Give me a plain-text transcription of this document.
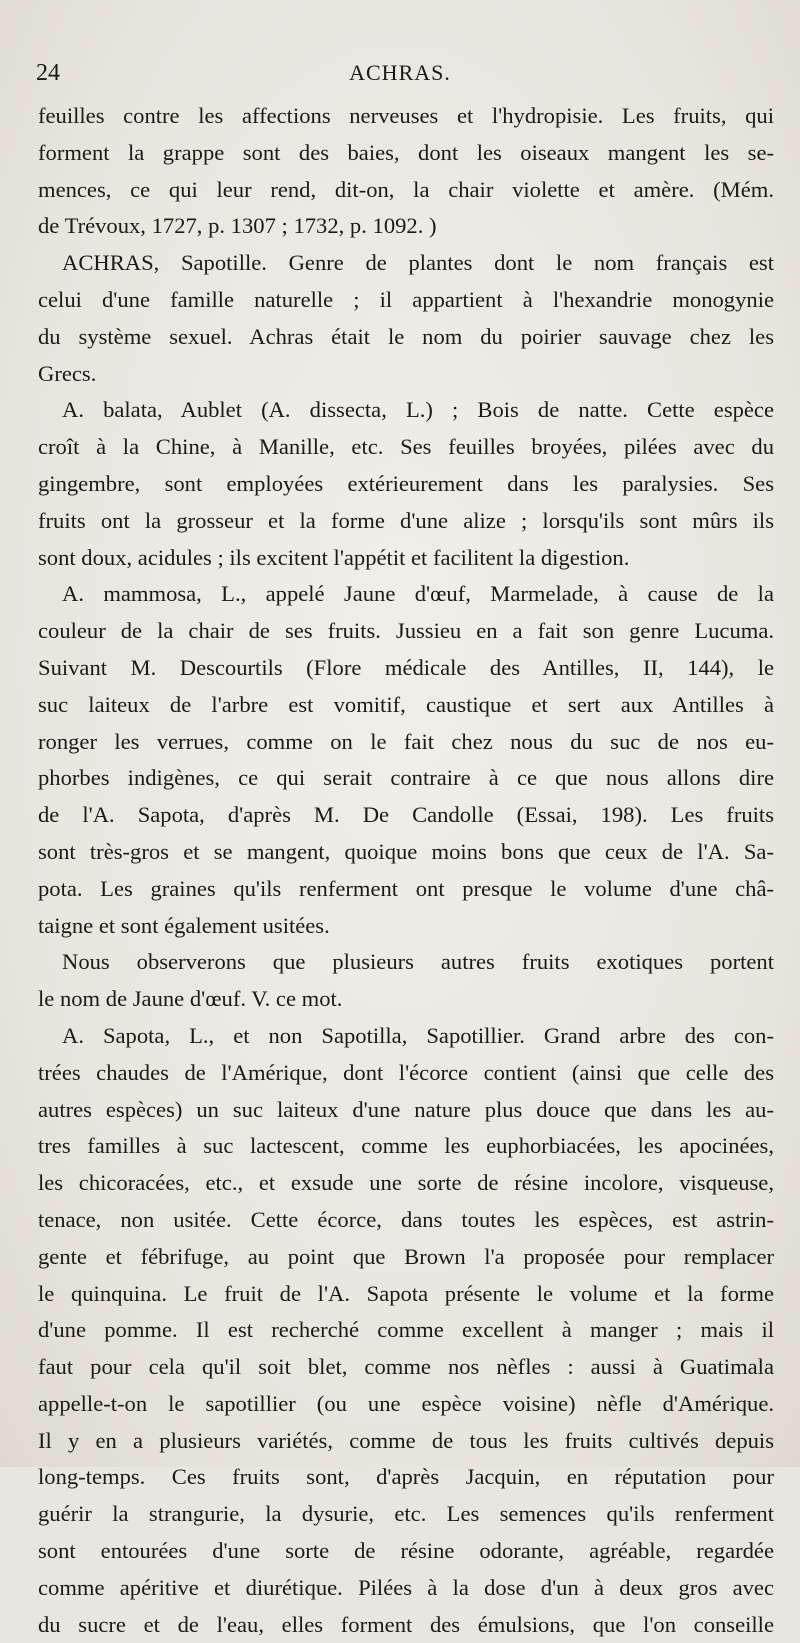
24	ACHRAS.
feuilles contre les affections nerveuses et l'hydropisie. Les fruits, qui
forment la grappe sont des baies, dont les oiseaux mangent les se-
mences, ce qui leur rend, dit-on, la chair violette et amère. (Mém.
de Trévoux, 1727, p. 1307 ; 1732, p. 1092. )
ACHRAS, Sapotille. Genre de plantes dont le nom français est
celui d'une famille naturelle ; il appartient à l'hexandrie monogynie
du système sexuel. Achras était le nom du poirier sauvage chez les
Grecs.
A. balata, Aublet (A. dissecta, L.) ; Bois de natte. Cette espèce
croît à la Chine, à Manille, etc. Ses feuilles broyées, pilées avec du
gingembre, sont employées extérieurement dans les paralysies. Ses
fruits ont la grosseur et la forme d'une alize ; lorsqu'ils sont mûrs ils
sont doux, acidules ; ils excitent l'appétit et facilitent la digestion.
A. mammosa, L., appelé Jaune d'œuf, Marmelade, à cause de la
couleur de la chair de ses fruits. Jussieu en a fait son genre Lucuma.
Suivant M. Descourtils (Flore médicale des Antilles, II, 144), le
suc laiteux de l'arbre est vomitif, caustique et sert aux Antilles à
ronger les verrues, comme on le fait chez nous du suc de nos eu-
phorbes indigènes, ce qui serait contraire à ce que nous allons dire
de l'A. Sapota, d'après M. De Candolle (Essai, 198). Les fruits
sont très-gros et se mangent, quoique moins bons que ceux de l'A. Sa-
pota. Les graines qu'ils renferment ont presque le volume d'une châ-
taigne et sont également usitées.
Nous observerons que plusieurs autres fruits exotiques portent
le nom de Jaune d'œuf. V. ce mot.
A. Sapota, L., et non Sapotilla, Sapotillier. Grand arbre des con-
trées chaudes de l'Amérique, dont l'écorce contient (ainsi que celle des
autres espèces) un suc laiteux d'une nature plus douce que dans les au-
tres familles à suc lactescent, comme les euphorbiacées, les apocinées,
les chicoracées, etc., et exsude une sorte de résine incolore, visqueuse,
tenace, non usitée. Cette écorce, dans toutes les espèces, est astrin-
gente et fébrifuge, au point que Brown l'a proposée pour remplacer
le quinquina. Le fruit de l'A. Sapota présente le volume et la forme
d'une pomme. Il est recherché comme excellent à manger ; mais il
faut pour cela qu'il soit blet, comme nos nèfles : aussi à Guatimala
appelle-t-on le sapotillier (ou une espèce voisine) nèfle d'Amérique.
Il y en a plusieurs variétés, comme de tous les fruits cultivés depuis
long-temps. Ces fruits sont, d'après Jacquin, en réputation pour
guérir la strangurie, la dysurie, etc. Les semences qu'ils renferment
sont entourées d'une sorte de résine odorante, agréable, regardée
comme apéritive et diurétique. Pilées à la dose d'un à deux gros avec
du sucre et de l'eau, elles forment des émulsions, que l'on conseille
